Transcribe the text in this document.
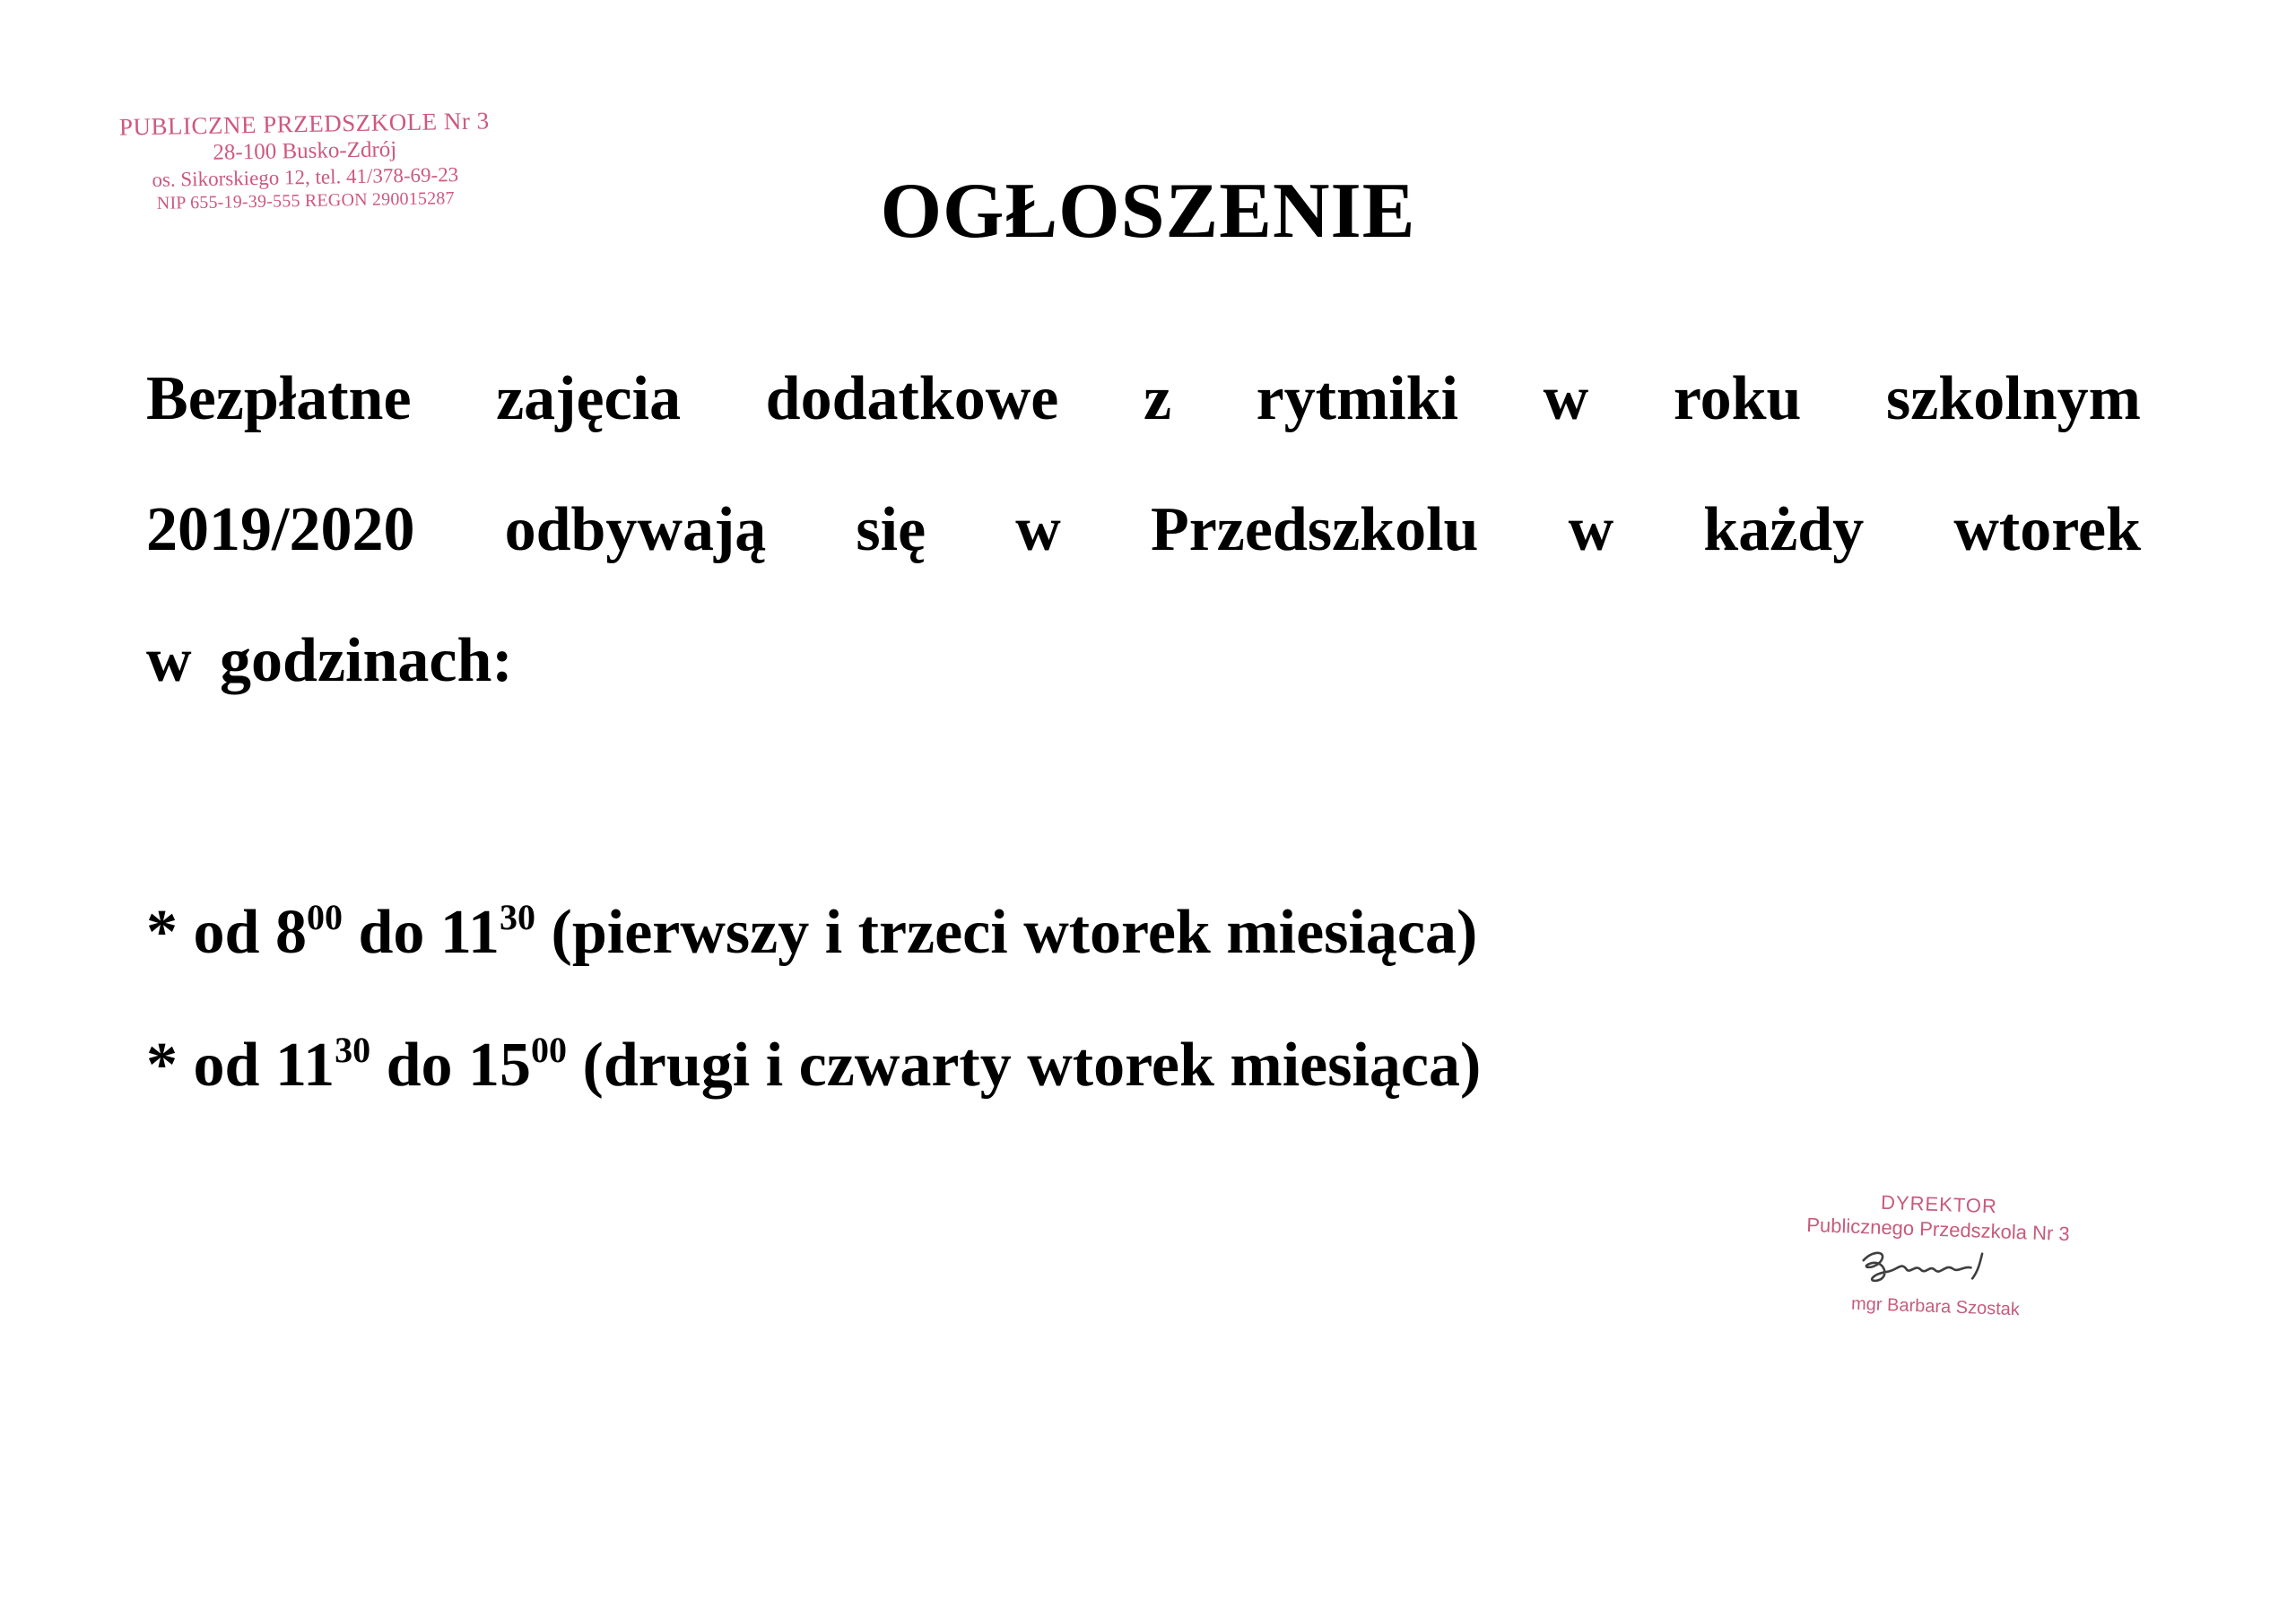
PUBLICZNE PRZEDSZKOLE Nr 3
28-100 Busko-Zdrój
os. Sikorskiego 12, tel. 41/378-69-23
NIP 655-19-39-555 REGON 290015287	OGŁOSZENIE
Bezpłatne zajęcia dodatkowe z rytmiki w roku szkolnym
2019/2020 odbywają się w Przedszkolu w każdy wtorek
w godzinach:
* od $8^{00}$ do $11^{30}$ (pierwszy i trzeci wtorek miesiąca)
* od $11^{30}$ do $15^{00}$ (drugi i czwarty wtorek miesiąca)
DYREKTOR
Publicznego Przedszkola Nr 3
mgr Barbara Szostak
